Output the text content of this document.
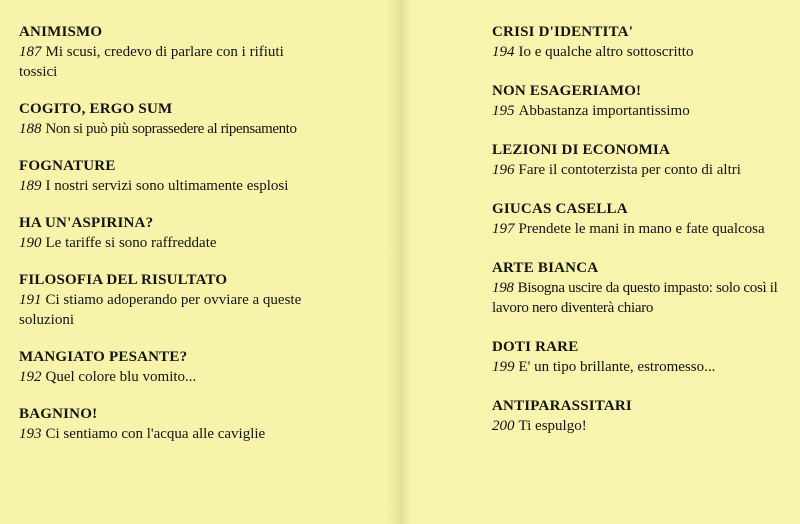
ANIMISMO
187 Mi scusi, credevo di parlare con i rifiuti tossici
COGITO, ERGO SUM
188 Non si può più soprassedere al ripensamento
FOGNATURE
189 I nostri servizi sono ultimamente esplosi
HA UN'ASPIRINA?
190 Le tariffe si sono raffreddate
FILOSOFIA DEL RISULTATO
191 Ci stiamo adoperando per ovviare a queste soluzioni
MANGIATO PESANTE?
192 Quel colore blu vomito...
BAGNINO!
193 Ci sentiamo con l'acqua alle caviglie
CRISI D'IDENTITA'
194 Io e qualche altro sottoscritto
NON ESAGERIAMO!
195 Abbastanza importantissimo
LEZIONI DI ECONOMIA
196 Fare il contoterzista per conto di altri
GIUCAS CASELLA
197 Prendete le mani in mano e fate qualcosa
ARTE BIANCA
198 Bisogna uscire da questo impasto: solo così il lavoro nero diventerà chiaro
DOTI RARE
199 E' un tipo brillante, estromesso...
ANTIPARASSITARI
200 Ti espulgo!
